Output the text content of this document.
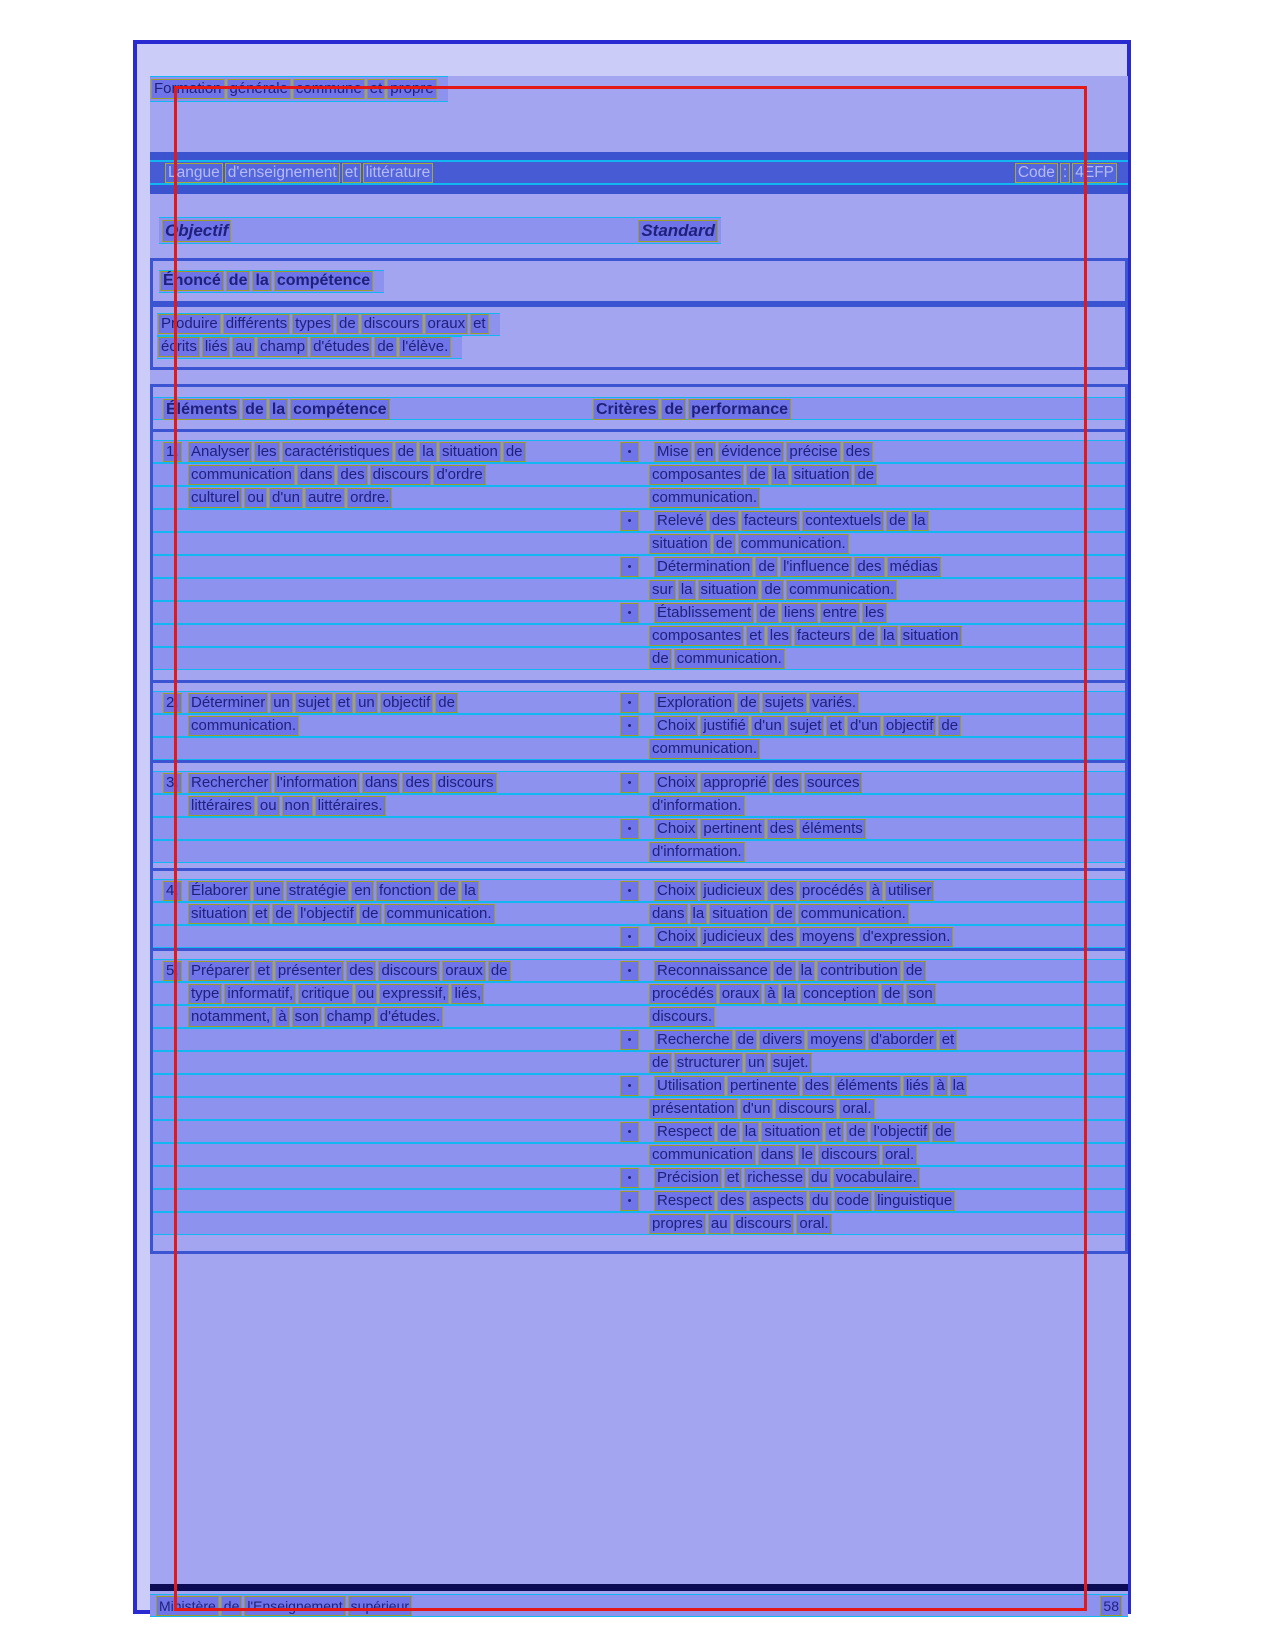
Formation générale commune et propre
Langue d'enseignement et littérature	Code : 4EFP
Objectif	Standard
Énoncé de la compétence
Produire différents types de discours oraux et
écrits liés au champ d'études de l'élève.
Éléments de la compétence	Critères de performance
1. Analyser les caractéristiques de la situation de	• Mise en évidence précise des
communication dans des discours d'ordre	composantes de la situation de
culturel ou d'un autre ordre.	communication.
• Relevé des facteurs contextuels de la
situation de communication.
• Détermination de l'influence des médias
sur la situation de communication.
• Établissement de liens entre les
composantes et les facteurs de la situation
de communication.
2. Déterminer un sujet et un objectif de	• Exploration de sujets variés.
communication.	• Choix justifié d'un sujet et d'un objectif de
communication.
3. Rechercher l'information dans des discours	• Choix approprié des sources
littéraires ou non littéraires.	d'information.
• Choix pertinent des éléments
d'information.
4. Élaborer une stratégie en fonction de la	• Choix judicieux des procédés à utiliser
situation et de l'objectif de communication.	dans la situation de communication.
• Choix judicieux des moyens d'expression.
5. Préparer et présenter des discours oraux de	• Reconnaissance de la contribution de
type informatif, critique ou expressif, liés,	procédés oraux à la conception de son
notamment, à son champ d'études.	discours.
• Recherche de divers moyens d'aborder et
de structurer un sujet.
• Utilisation pertinente des éléments liés à la
présentation d'un discours oral.
• Respect de la situation et de l'objectif de
communication dans le discours oral.
• Précision et richesse du vocabulaire.
• Respect des aspects du code linguistique
propres au discours oral.
Ministère de l'Enseignement supérieur	58
